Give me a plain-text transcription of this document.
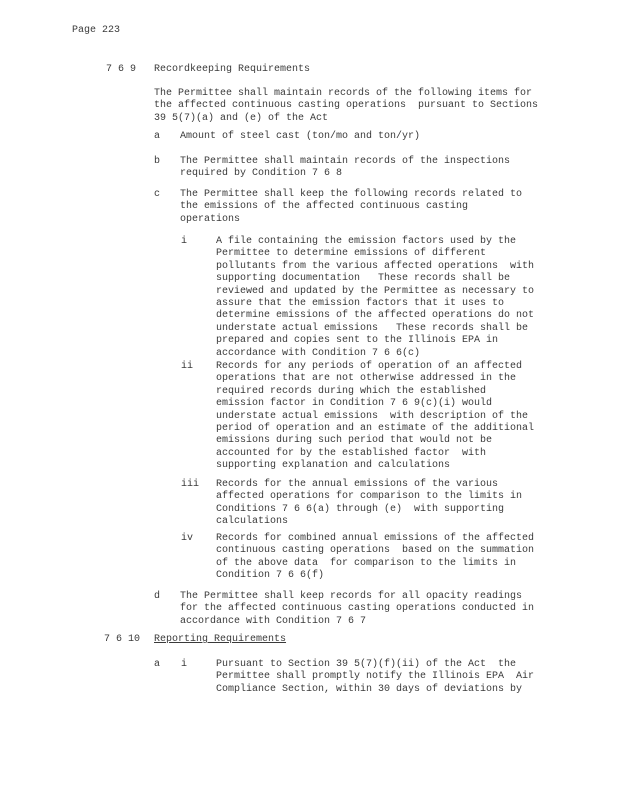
Page 223
7 6 9 Recordkeeping Requirements
The Permittee shall maintain records of the following items for
the affected continuous casting operations  pursuant to Sections
39 5(7)(a) and (e) of the Act
a Amount of steel cast (ton/mo and ton/yr)
b The Permittee shall maintain records of the inspections
required by Condition 7 6 8
c The Permittee shall keep the following records related to
the emissions of the affected continuous casting
operations
i	A file containing the emission factors used by the
Permittee to determine emissions of different
pollutants from the various affected operations  with
supporting documentation   These records shall be
reviewed and updated by the Permittee as necessary to
assure that the emission factors that it uses to
determine emissions of the affected operations do not
understate actual emissions   These records shall be
prepared and copies sent to the Illinois EPA in
accordance with Condition 7 6 6(c)
ii Records for any periods of operation of an affected
operations that are not otherwise addressed in the
required records during which the established
emission factor in Condition 7 6 9(c)(i) would
understate actual emissions  with description of the
period of operation and an estimate of the additional
emissions during such period that would not be
accounted for by the established factor  with
supporting explanation and calculations
iii Records for the annual emissions of the various
affected operations for comparison to the limits in
Conditions 7 6 6(a) through (e)  with supporting
calculations
iv Records for combined annual emissions of the affected
continuous casting operations  based on the summation
of the above data  for comparison to the limits in
Condition 7 6 6(f)
d The Permittee shall keep records for all opacity readings
for the affected continuous casting operations conducted in
accordance with Condition 7 6 7
7 6 10 Reporting Requirements
a i	Pursuant to Section 39 5(7)(f)(ii) of the Act  the
Permittee shall promptly notify the Illinois EPA  Air
Compliance Section, within 30 days of deviations by
